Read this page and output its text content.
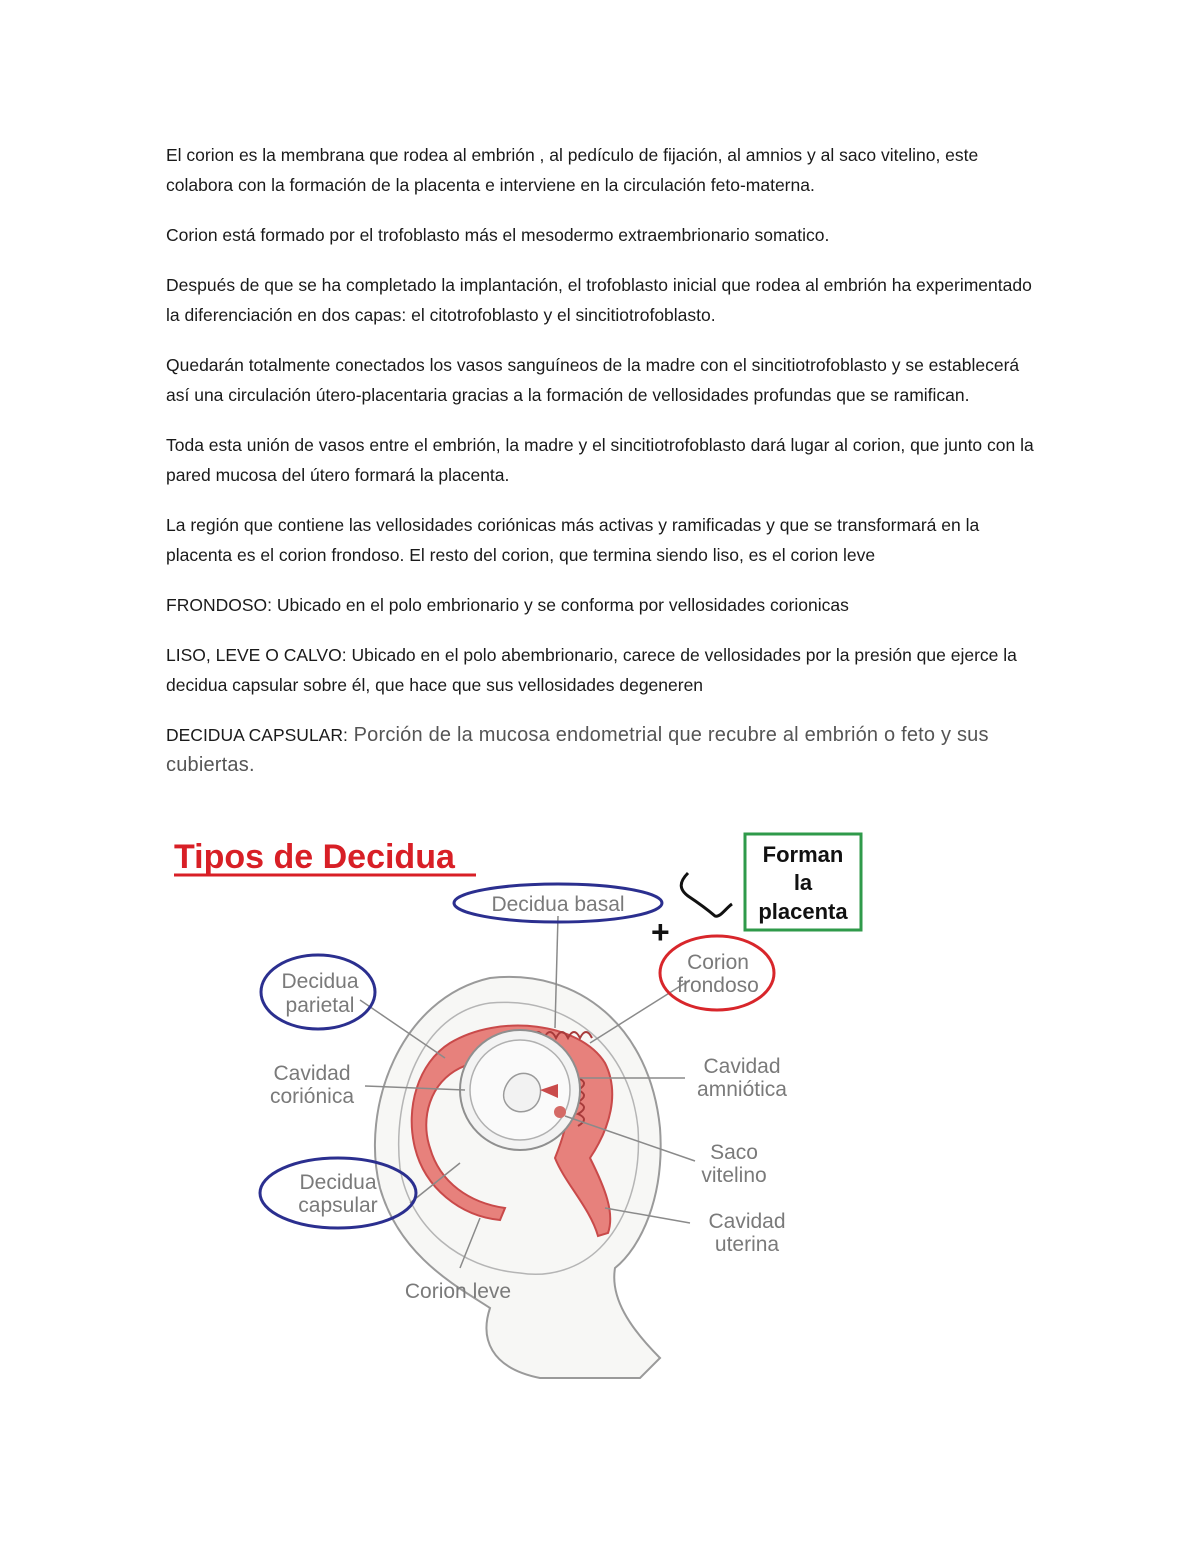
El corion es la membrana que rodea al embrión , al pedículo de fijación, al amnios y al saco vitelino, este colabora con la formación de la placenta e interviene en la circulación feto-materna.

Corion está formado por el trofoblasto más el mesodermo extraembrionario somatico.

Después de que se ha completado la implantación, el trofoblasto inicial que rodea al embrión ha experimentado la diferenciación en dos capas: el citotrofoblasto y el sincitiotrofoblasto.

Quedarán totalmente conectados los vasos sanguíneos de la madre con el sincitiotrofoblasto y se establecerá así una circulación útero-placentaria gracias a la formación de vellosidades profundas que se ramifican.

Toda esta unión de vasos entre el embrión, la madre y el sincitiotrofoblasto dará lugar al corion, que junto con la pared mucosa del útero formará la placenta.

La región que contiene las vellosidades coriónicas más activas y ramificadas y que se transformará en la placenta es el corion frondoso. El resto del corion, que termina siendo liso, es el corion leve

FRONDOSO: Ubicado en el polo embrionario y se conforma por vellosidades corionicas

LISO, LEVE O CALVO: Ubicado en el polo abembrionario, carece de vellosidades por la presión que ejerce la decidua capsular sobre él, que hace que sus vellosidades degeneren

DECIDUA CAPSULAR: Porción de la mucosa endometrial que recubre al embrión o feto y sus cubiertas.

Tipos de Decidua	Forman
la
placenta
+
Decidua basal
Decidua
parietal
Cavidad
coriónica
Decidua
capsular
Corion
frondoso
Cavidad
amniótica
Saco
vitelino
Cavidad
uterina
Corion leve
